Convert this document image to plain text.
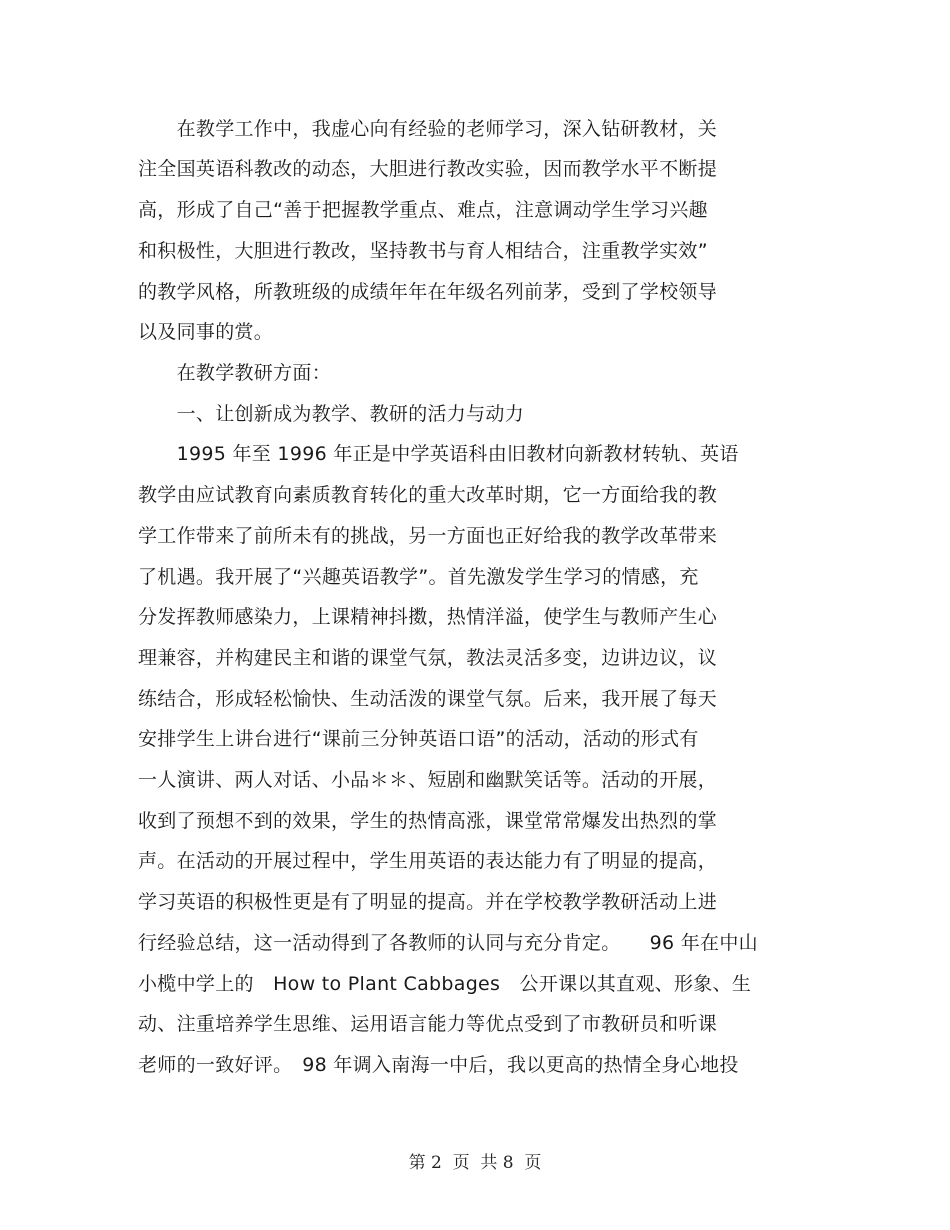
　　在教学工作中，我虚心向有经验的老师学习，深入钻研教材，关
注全国英语科教改的动态，大胆进行教改实验，因而教学水平不断提
高，形成了自己“善于把握教学重点、难点，注意调动学生学习兴趣
和积极性，大胆进行教改，坚持教书与育人相结合，注重教学实效”
的教学风格，所教班级的成绩年年在年级名列前茅，受到了学校领导
以及同事的赏。
　　在教学教研方面：
　　一、让创新成为教学、教研的活力与动力
　　1995 年至 1996 年正是中学英语科由旧教材向新教材转轨、英语
教学由应试教育向素质教育转化的重大改革时期，它一方面给我的教
学工作带来了前所未有的挑战，另一方面也正好给我的教学改革带来
了机遇。我开展了“兴趣英语教学”。首先激发学生学习的情感，充
分发挥教师感染力，上课精神抖擞，热情洋溢，使学生与教师产生心
理兼容，并构建民主和谐的课堂气氛，教法灵活多变，边讲边议，议
练结合，形成轻松愉快、生动活泼的课堂气氛。后来，我开展了每天
安排学生上讲台进行“课前三分钟英语口语”的活动，活动的形式有
一人演讲、两人对话、小品＊＊、短剧和幽默笑话等。活动的开展，
收到了预想不到的效果，学生的热情高涨，课堂常常爆发出热烈的掌
声。在活动的开展过程中，学生用英语的表达能力有了明显的提高，
学习英语的积极性更是有了明显的提高。并在学校教学教研活动上进
行经验总结，这一活动得到了各教师的认同与充分肯定。　　96 年在中山
小榄中学上的　How to Plant Cabbages　公开课以其直观、形象、生
动、注重培养学生思维、运用语言能力等优点受到了市教研员和听课
老师的一致好评。　98 年调入南海一中后，我以更高的热情全身心地投
第 2  页  共 8  页
